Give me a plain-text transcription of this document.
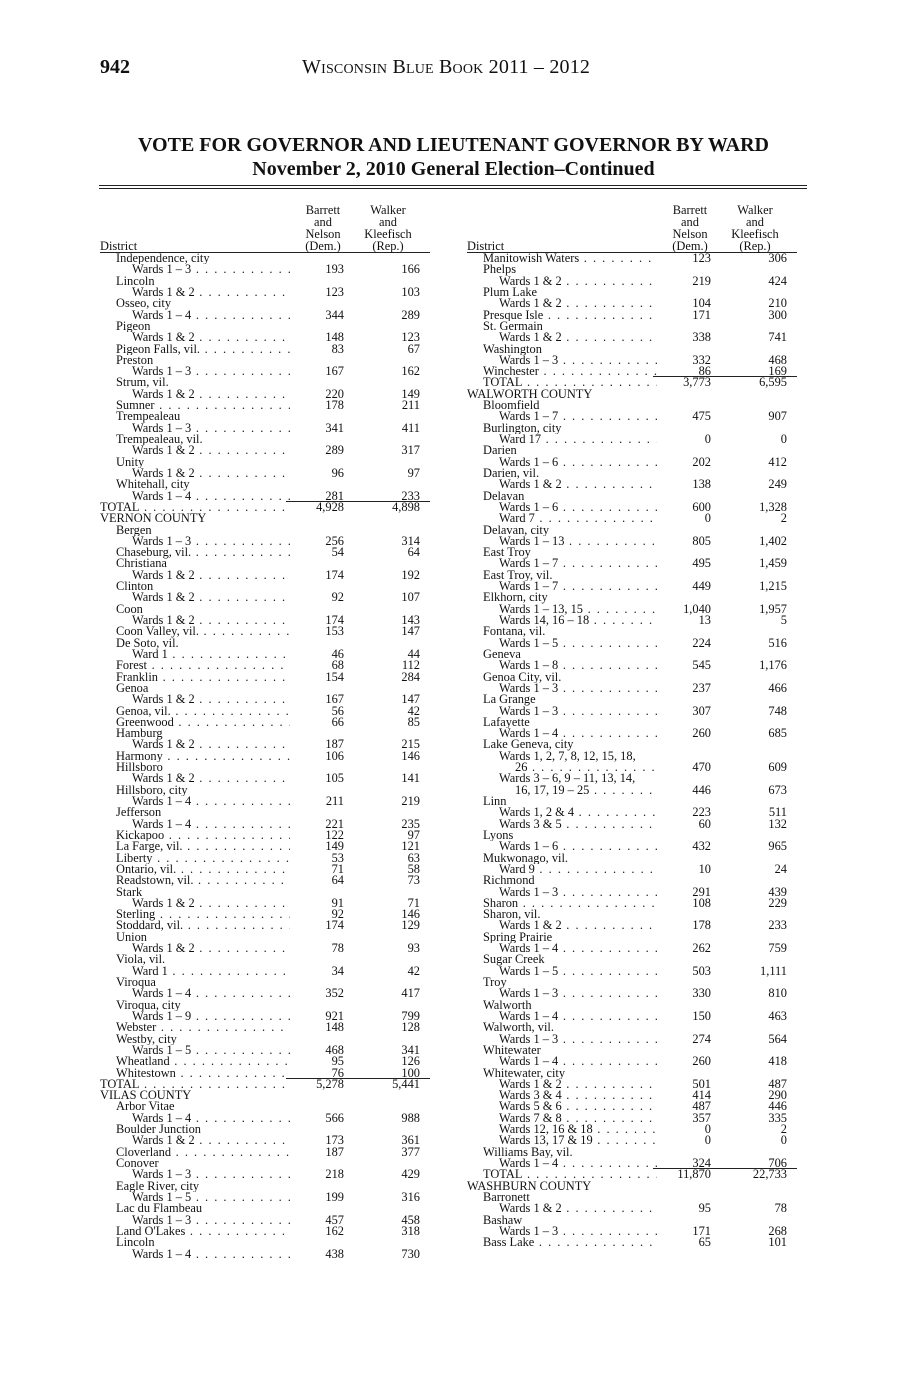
942	Wisconsin Blue Book 2011 – 2012
VOTE FOR GOVERNOR AND LIEUTENANT GOVERNOR BY WARD
November 2, 2010 General Election–Continued
District
Barrett
and
Nelson
(Dem.)
Walker
and
Kleefisch
(Rep.)
Independence, city
Wards 1 – 3 . . .	193	166
Lincoln
Wards 1 & 2 . . .	123	103
Osseo, city
Wards 1 – 4 . . .	344	289
Pigeon
Wards 1 & 2 . . .	148	123
Pigeon Falls, vil. . . .	83	67
Preston
Wards 1 – 3 . . .	167	162
Strum, vil.
Wards 1 & 2 . . .	220	149
Sumner . . .	178	211
Trempealeau
Wards 1 – 3 . . .	341	411
Trempealeau, vil.
Wards 1 & 2 . . .	289	317
Unity
Wards 1 & 2 . . .	96	97
Whitehall, city
Wards 1 – 4 . . .	281	233
TOTAL . . .	4,928	4,898
VERNON COUNTY
Bergen
Wards 1 – 3 . . .	256	314
Chaseburg, vil. . . .	54	64
Christiana
Wards 1 & 2 . . .	174	192
Clinton
Wards 1 & 2 . . .	92	107
Coon
Wards 1 & 2 . . .	174	143
Coon Valley, vil. . . .	153	147
De Soto, vil.
Ward 1 . . .	46	44
Forest . . .	68	112
Franklin . . .	154	284
Genoa
Wards 1 & 2 . . .	167	147
Genoa, vil. . . .	56	42
Greenwood . . .	66	85
Hamburg
Wards 1 & 2 . . .	187	215
Harmony . . .	106	146
Hillsboro
Wards 1 & 2 . . .	105	141
Hillsboro, city
Wards 1 – 4 . . .	211	219
Jefferson
Wards 1 – 4 . . .	221	235
Kickapoo . . .	122	97
La Farge, vil. . . .	149	121
Liberty . . .	53	63
Ontario, vil. . . .	71	58
Readstown, vil. . . .	64	73
Stark
Wards 1 & 2 . . .	91	71
Sterling . . .	92	146
Stoddard, vil. . . .	174	129
Union
Wards 1 & 2 . . .	78	93
Viola, vil.
Ward 1 . . .	34	42
Viroqua
Wards 1 – 4 . . .	352	417
Viroqua, city
Wards 1 – 9 . . .	921	799
Webster . . .	148	128
Westby, city
Wards 1 – 5 . . .	468	341
Wheatland . . .	95	126
Whitestown . . .	76	100
TOTAL . . .	5,278	5,441
VILAS COUNTY
Arbor Vitae
Wards 1 – 4 . . .	566	988
Boulder Junction
Wards 1 & 2 . . .	173	361
Cloverland . . .	187	377
Conover
Wards 1 – 3 . . .	218	429
Eagle River, city
Wards 1 – 5 . . .	199	316
Lac du Flambeau
Wards 1 – 3 . . .	457	458
Land O'Lakes . . .	162	318
Lincoln
Wards 1 – 4 . . .	438	730
District
Barrett
and
Nelson
(Dem.)
Walker
and
Kleefisch
(Rep.)
Manitowish Waters . . .	123	306
Phelps
Wards 1 & 2 . . .	219	424
Plum Lake
Wards 1 & 2 . . .	104	210
Presque Isle . . .	171	300
St. Germain
Wards 1 & 2 . . .	338	741
Washington
Wards 1 – 3 . . .	332	468
Winchester . . .	86	169
TOTAL . . .	3,773	6,595
WALWORTH COUNTY
Bloomfield
Wards 1 – 7 . . .	475	907
Burlington, city
Ward 17 . . .	0	0
Darien
Wards 1 – 6 . . .	202	412
Darien, vil.
Wards 1 & 2 . . .	138	249
Delavan
Wards 1 – 6 . . .	600	1,328
Ward 7 . . .	0	2
Delavan, city
Wards 1 – 13 . . .	805	1,402
East Troy
Wards 1 – 7 . . .	495	1,459
East Troy, vil.
Wards 1 – 7 . . .	449	1,215
Elkhorn, city
Wards 1 – 13, 15 . . .	1,040	1,957
Wards 14, 16 – 18 . . .	13	5
Fontana, vil.
Wards 1 – 5 . . .	224	516
Geneva
Wards 1 – 8 . . .	545	1,176
Genoa City, vil.
Wards 1 – 3 . . .	237	466
La Grange
Wards 1 – 3 . . .	307	748
Lafayette
Wards 1 – 4 . . .	260	685
Lake Geneva, city
Wards 1, 2, 7, 8, 12, 15, 18,
26 . . .	470	609
Wards 3 – 6, 9 – 11, 13, 14,
16, 17, 19 – 25 . . .	446	673
Linn
Wards 1, 2 & 4 . . .	223	511
Wards 3 & 5 . . .	60	132
Lyons
Wards 1 – 6 . . .	432	965
Mukwonago, vil.
Ward 9 . . .	10	24
Richmond
Wards 1 – 3 . . .	291	439
Sharon . . .	108	229
Sharon, vil.
Wards 1 & 2 . . .	178	233
Spring Prairie
Wards 1 – 4 . . .	262	759
Sugar Creek
Wards 1 – 5 . . .	503	1,111
Troy
Wards 1 – 3 . . .	330	810
Walworth
Wards 1 – 4 . . .	150	463
Walworth, vil.
Wards 1 – 3 . . .	274	564
Whitewater
Wards 1 – 4 . . .	260	418
Whitewater, city
Wards 1 & 2 . . .	501	487
Wards 3 & 4 . . .	414	290
Wards 5 & 6 . . .	487	446
Wards 7 & 8 . . .	357	335
Wards 12, 16 & 18 . . .	0	2
Wards 13, 17 & 19 . . .	0	0
Williams Bay, vil.
Wards 1 – 4 . . .	324	706
TOTAL . . .	11,870	22,733
WASHBURN COUNTY
Barronett
Wards 1 & 2 . . .	95	78
Bashaw
Wards 1 – 3 . . .	171	268
Bass Lake . . .	65	101
